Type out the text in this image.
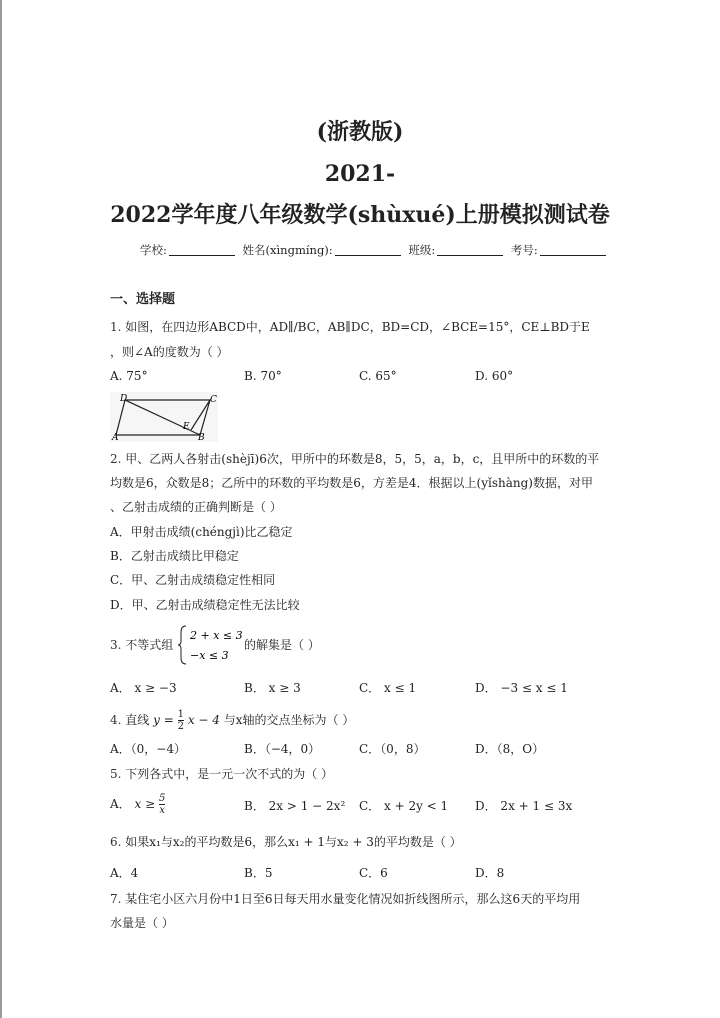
(浙教版)
2021-
2022学年度八年级数学(shùxué)上册模拟测试卷
学校:	姓名(xìngmíng):	班级:	考号:
一、选择题
1. 如图，在四边形ABCD中，AD∥/BC，AB∥DC，BD=CD，∠BCE=15°，CE⊥BD于E
，则∠A的度数为（ ）
A. 75°	B. 70°	C. 65°	D. 60°
D	C
A
E
B
2. 甲、乙两人各射击(shèjī)6次，甲所中的环数是8，5，5，a，b，c，且甲所中的环数的平
均数是6，众数是8；乙所中的环数的平均数是6，方差是4．根据以上(yǐshàng)数据，对甲
、乙射击成绩的正确判断是（ ）
A．甲射击成绩(chéngjì)比乙稳定
B．乙射击成绩比甲稳定
C．甲、乙射击成绩稳定性相同
D．甲、乙射击成绩稳定性无法比较
3. 不等式组
2 + x ≤ 3
−x ≤ 3
的解集是（ ）
A． x ≥ −3	B． x ≥ 3	C． x ≤ 1	D． −3 ≤ x ≤ 1
4. 直线 $y = \frac{1}{2}$ x − 4 与x轴的交点坐标为（ ）
A．（0，−4）	B．（−4，0）	C．（0，8）	D．（8，O）
5. 下列各式中，是一元一次不式的为（ ）
A． $x \ge \frac{5}{x}$	B． 2x > 1 − 2x² C． x + 2y < 1 D． 2x + 1 ≤ 3x
6. 如果x₁与x₂的平均数是6，那么x₁ + 1与x₂ + 3的平均数是（ ）
A．4	B．5	C．6	D．8
7. 某住宅小区六月份中1日至6日每天用水量变化情况如折线图所示，那么这6天的平均用
水量是（ ）
